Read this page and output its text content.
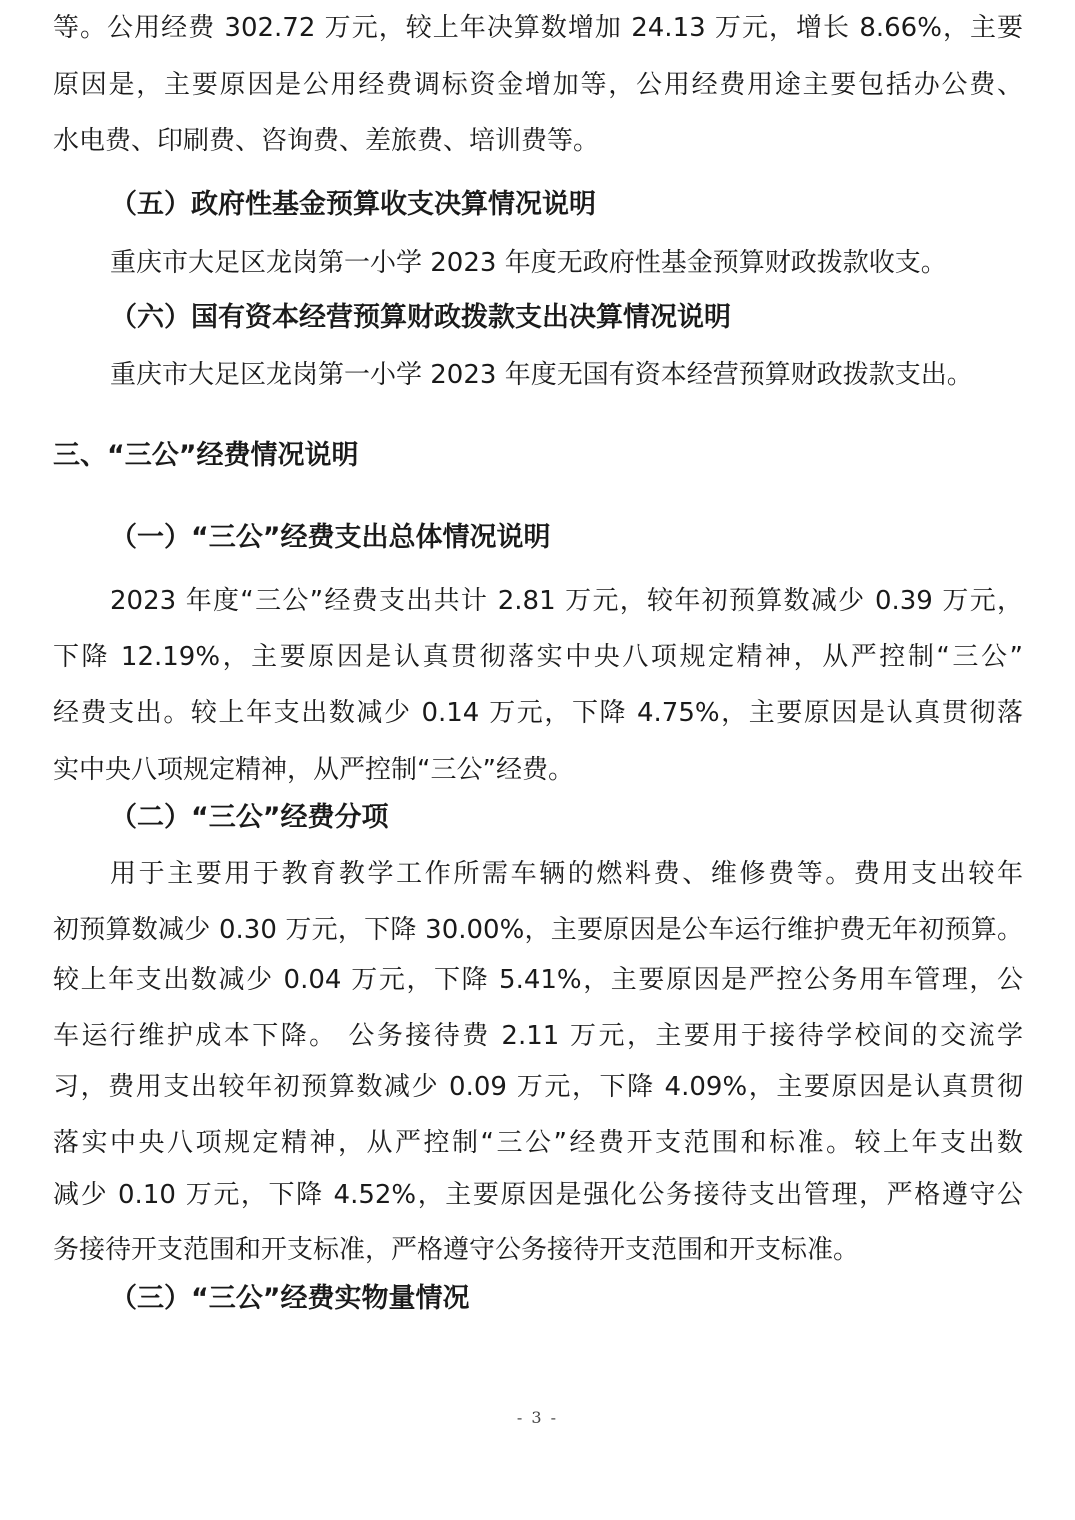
等。公用经费 302.72 万元，较上年决算数增加 24.13 万元，增长 8.66%，主要
原因是，主要原因是公用经费调标资金增加等，公用经费用途主要包括办公费、
水电费、印刷费、咨询费、差旅费、培训费等。
（五）政府性基金预算收支决算情况说明
重庆市大足区龙岗第一小学 2023 年度无政府性基金预算财政拨款收支。
（六）国有资本经营预算财政拨款支出决算情况说明
重庆市大足区龙岗第一小学 2023 年度无国有资本经营预算财政拨款支出。
三、“三公”经费情况说明
（一）“三公”经费支出总体情况说明
2023 年度“三公”经费支出共计 2.81 万元，较年初预算数减少 0.39 万元，
下降 12.19%，主要原因是认真贯彻落实中央八项规定精神，从严控制“三公”
经费支出。较上年支出数减少 0.14 万元，下降 4.75%，主要原因是认真贯彻落
实中央八项规定精神，从严控制“三公”经费。
（二）“三公”经费分项
用于主要用于教育教学工作所需车辆的燃料费、维修费等。费用支出较年
初预算数减少 0.30 万元，下降 30.00%，主要原因是公车运行维护费无年初预算。
较上年支出数减少 0.04 万元，下降 5.41%，主要原因是严控公务用车管理，公
车运行维护成本下降。 公务接待费 2.11 万元，主要用于接待学校间的交流学
习，费用支出较年初预算数减少 0.09 万元，下降 4.09%，主要原因是认真贯彻
落实中央八项规定精神，从严控制“三公”经费开支范围和标准。较上年支出数
减少 0.10 万元，下降 4.52%，主要原因是强化公务接待支出管理，严格遵守公
务接待开支范围和开支标准，严格遵守公务接待开支范围和开支标准。
（三）“三公”经费实物量情况
- 3 -
